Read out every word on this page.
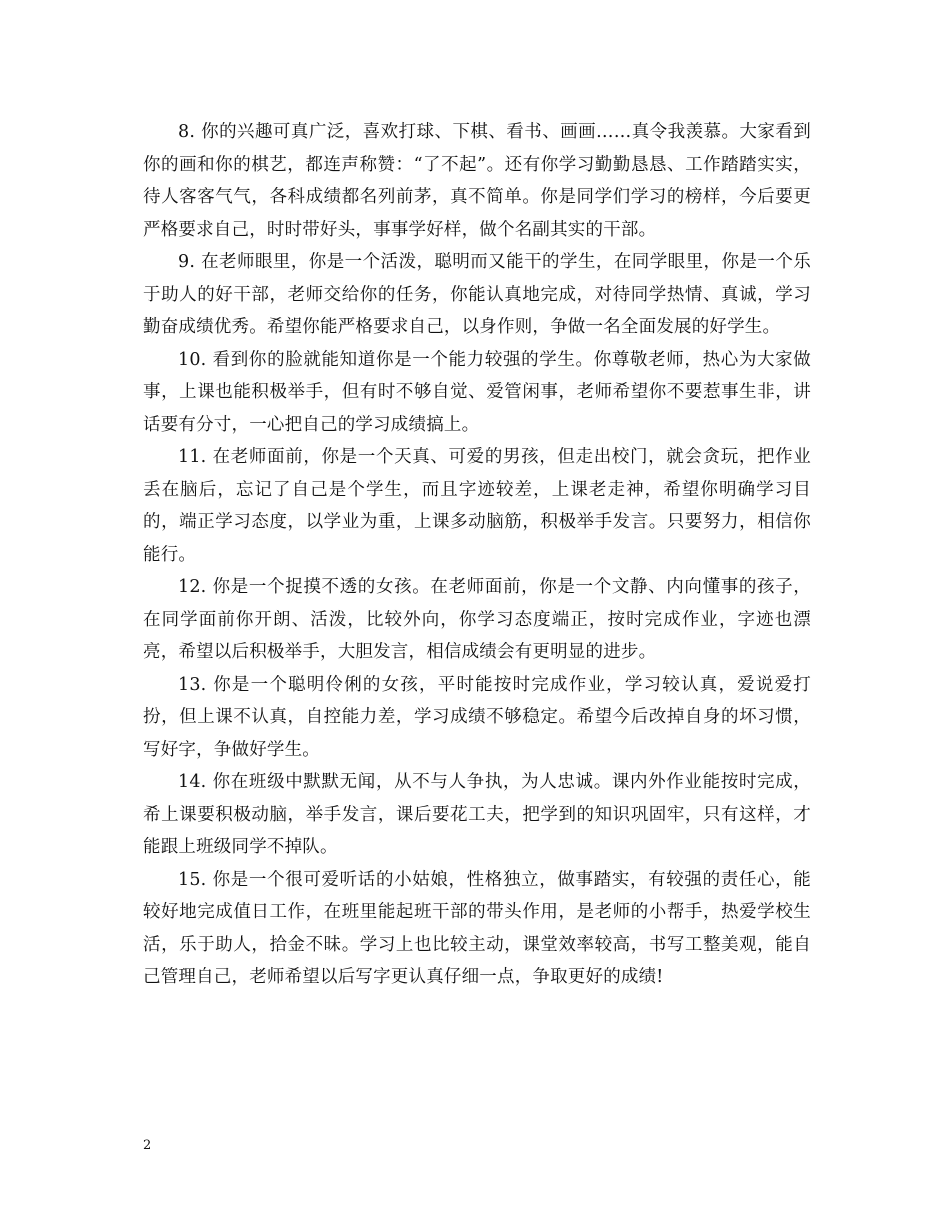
8. 你的兴趣可真广泛，喜欢打球、下棋、看书、画画……真令我羡慕。大家看到你的画和你的棋艺，都连声称赞：“了不起”。还有你学习勤勤恳恳、工作踏踏实实，待人客客气气，各科成绩都名列前茅，真不简单。你是同学们学习的榜样，今后要更严格要求自己，时时带好头，事事学好样，做个名副其实的干部。

9. 在老师眼里，你是一个活泼，聪明而又能干的学生，在同学眼里，你是一个乐于助人的好干部，老师交给你的任务，你能认真地完成，对待同学热情、真诚，学习勤奋成绩优秀。希望你能严格要求自己，以身作则，争做一名全面发展的好学生。

10. 看到你的脸就能知道你是一个能力较强的学生。你尊敬老师，热心为大家做事，上课也能积极举手，但有时不够自觉、爱管闲事，老师希望你不要惹事生非，讲话要有分寸，一心把自己的学习成绩搞上。

11. 在老师面前，你是一个天真、可爱的男孩，但走出校门，就会贪玩，把作业丢在脑后，忘记了自己是个学生，而且字迹较差，上课老走神，希望你明确学习目的，端正学习态度，以学业为重，上课多动脑筋，积极举手发言。只要努力，相信你能行。

12. 你是一个捉摸不透的女孩。在老师面前，你是一个文静、内向懂事的孩子，在同学面前你开朗、活泼，比较外向，你学习态度端正，按时完成作业，字迹也漂亮，希望以后积极举手，大胆发言，相信成绩会有更明显的进步。

13. 你是一个聪明伶俐的女孩，平时能按时完成作业，学习较认真，爱说爱打扮，但上课不认真，自控能力差，学习成绩不够稳定。希望今后改掉自身的坏习惯，写好字，争做好学生。

14. 你在班级中默默无闻，从不与人争执，为人忠诚。课内外作业能按时完成，希上课要积极动脑，举手发言，课后要花工夫，把学到的知识巩固牢，只有这样，才能跟上班级同学不掉队。

15. 你是一个很可爱听话的小姑娘，性格独立，做事踏实，有较强的责任心，能较好地完成值日工作，在班里能起班干部的带头作用，是老师的小帮手，热爱学校生活，乐于助人，拾金不昧。学习上也比较主动，课堂效率较高，书写工整美观，能自己管理自己，老师希望以后写字更认真仔细一点，争取更好的成绩!

2
